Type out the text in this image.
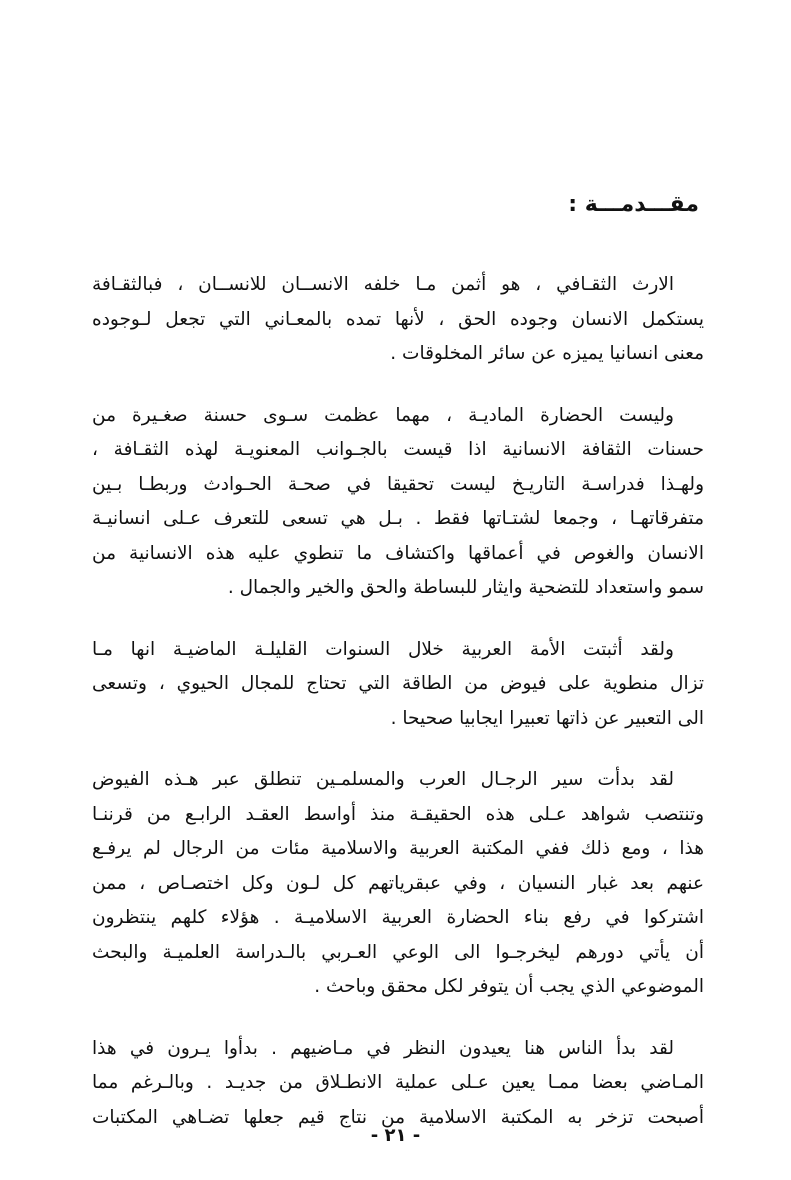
مقـــدمـــة :

الارث الثقـافي ، هو أثمن مـا خلفه الانســان للانســان ، فبالثقـافة
يستكمل الانسان وجوده الحق ، لأنها تمده بالمعـاني التي تجعل لـوجوده
معنى انسانيا يميزه عن سائر المخلوقات .

وليست الحضارة الماديـة ، مهما عظمت سـوى حسنة صغـيرة من
حسنات الثقافة الانسانية اذا قيست بالجـوانب المعنويـة لهذه الثقـافة ،
ولهـذا فدراسـة التاريـخ ليست تحقيقا في صحـة الحـوادث وربطـا بـين
متفرقاتهـا ، وجمعا لشتـاتها فقط . بـل هي تسعى للتعرف عـلى انسانيـة
الانسان والغوص في أعماقها واكتشاف ما تنطوي عليه هذه الانسانية من
سمو واستعداد للتضحية وايثار للبساطة والحق والخير والجمال .

ولقد أثبتت الأمة العربية خلال السنوات القليلـة الماضيـة انها مـا
تزال منطوية على فيوض من الطاقة التي تحتاج للمجال الحيوي ، وتسعى
الى التعبير عن ذاتها تعبيرا ايجابيا صحيحا .

لقد بدأت سير الرجـال العرب والمسلمـين تنطلق عبر هـذه الفيوض
وتنتصب شواهد عـلى هذه الحقيقـة منذ أواسط العقـد الرابـع من قرننـا
هذا ، ومع ذلك ففي المكتبة العربية والاسلامية مئات من الرجال لم يرفـع
عنهم بعد غبار النسيان ، وفي عبقرياتهم كل لـون وكل اختصـاص ، ممن
اشتركوا في رفع بناء الحضارة العربية الاسلاميـة . هؤلاء كلهم ينتظرون
أن يأتي دورهم ليخرجـوا الى الوعي العـربي بالـدراسة العلميـة والبحث
الموضوعي الذي يجب أن يتوفر لكل محقق وباحث .

لقد بدأ الناس هنا يعيدون النظر في مـاضيهم . بدأوا يـرون في هذا
المـاضي بعضا ممـا يعين عـلى عملية الانطـلاق من جديـد . وبالـرغم مما
أصبحت تزخر به المكتبة الاسلامية من نتاج قيم جعلها تضـاهي المكتبات

- ٢١ -
